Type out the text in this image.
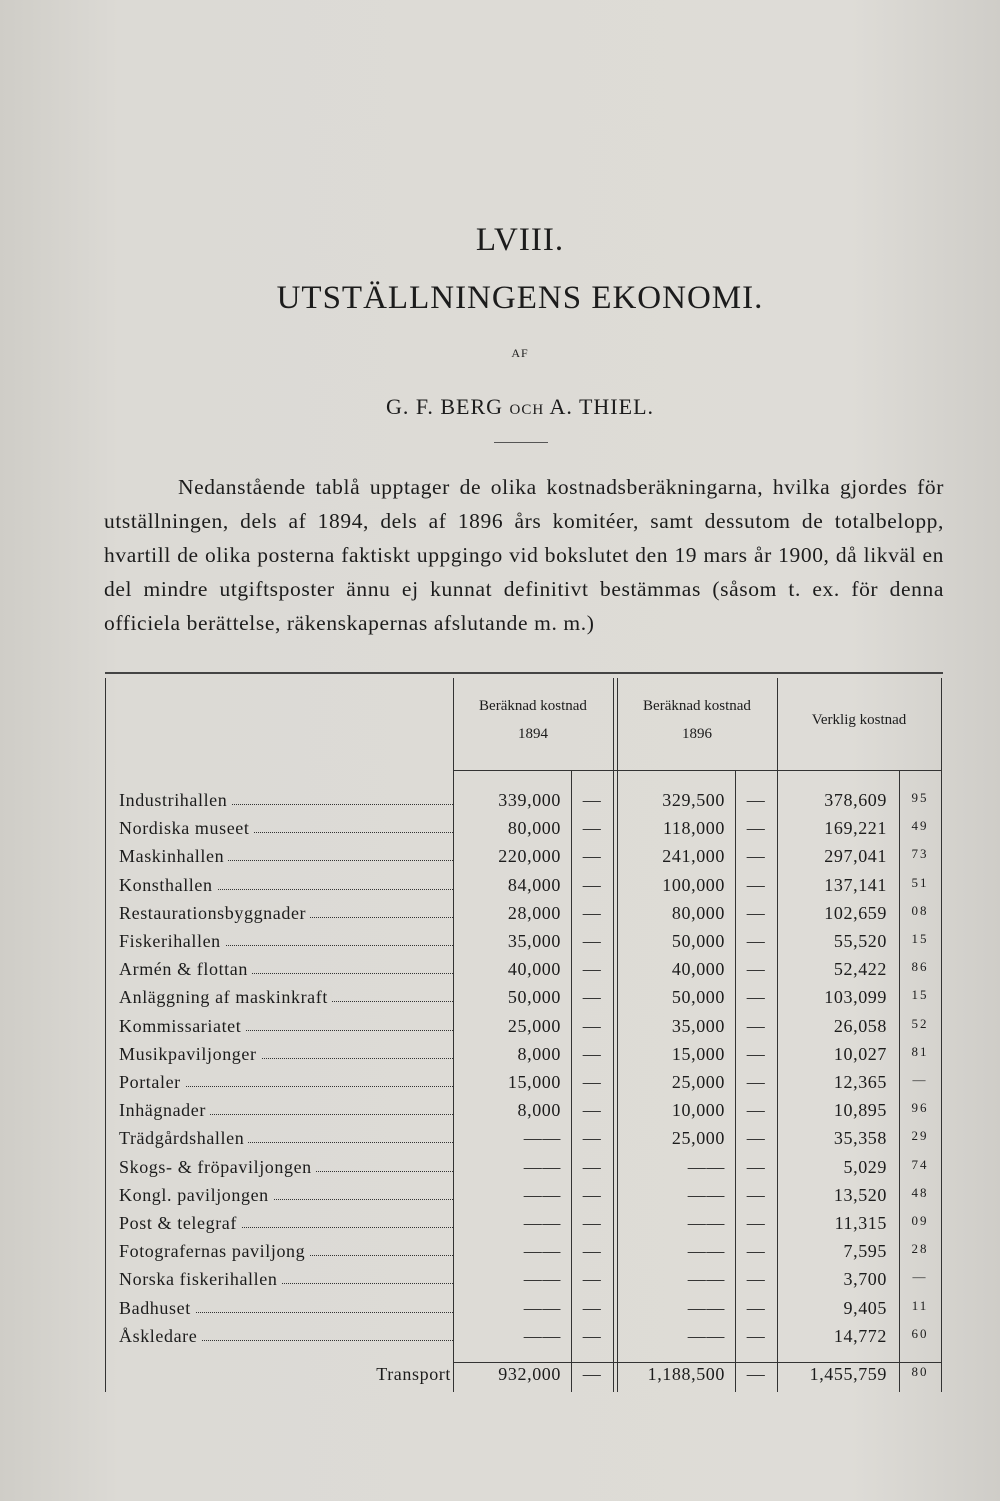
LVIII.
UTSTÄLLNINGENS EKONOMI.
AF
G. F. BERG OCH A. THIEL.

Nedanstående tablå upptager de olika kostnadsberäkningarna, hvilka gjordes för utställningen, dels af 1894, dels af 1896 års komitéer, samt dessutom de totalbelopp, hvartill de olika posterna faktiskt uppgingo vid bokslutet den 19 mars år 1900, då likväl en del mindre utgiftsposter ännu ej kunnat definitivt bestämmas (såsom t. ex. för denna officiela berättelse, räkenskapernas afslutande m. m.)

Beräknad kostnad
1894
Beräknad kostnad
1896
Verklig kostnad
Industrihallen	339,000	—	329,500	—	378,609	95
Nordiska museet	80,000	—	118,000	—	169,221	49
Maskinhallen	220,000	—	241,000	—	297,041	73
Konsthallen	84,000	—	100,000	—	137,141	51
Restaurationsbyggnader	28,000	—	80,000	—	102,659	08
Fiskerihallen	35,000	—	50,000	—	55,520	15
Armén & flottan	40,000	—	40,000	—	52,422	86
Anläggning af maskinkraft	50,000	—	50,000	—	103,099	15
Kommissariatet	25,000	—	35,000	—	26,058	52
Musikpaviljonger	8,000	—	15,000	—	10,027	81
Portaler	15,000	—	25,000	—	12,365	—
Inhägnader	8,000	—	10,000	—	10,895	96
Trädgårdshallen	——	—	25,000	—	35,358	29
Skogs- & fröpaviljongen	——	—	——	—	5,029	74
Kongl. paviljongen	——	—	——	—	13,520	48
Post & telegraf	——	—	——	—	11,315	09
Fotografernas paviljong	——	—	——	—	7,595	28
Norska fiskerihallen	——	—	——	—	3,700	—
Badhuset	——	—	——	—	9,405	11
Åskledare	——	—	——	—	14,772	60
Transport	932,000	—	1,188,500	—	1,455,759	80
